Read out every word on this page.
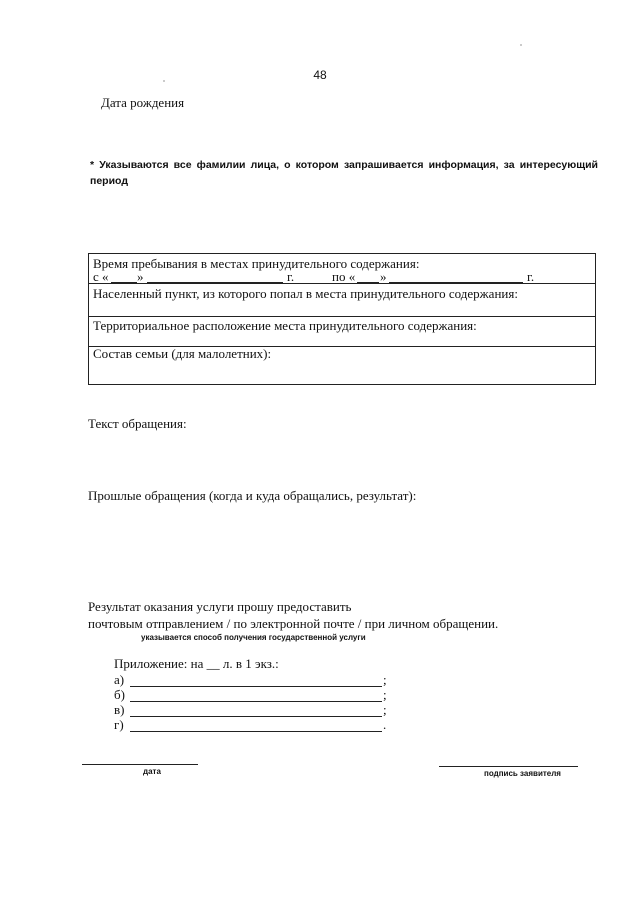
48
Дата рождения
* Указываются все фамилии лица, о котором запрашивается информация, за интересующий период
Время пребывания в местах принудительного содержания:
с « »	г.	по « »	г.
Населенный пункт, из которого попал в места принудительного содержания:
Территориальное расположение места принудительного содержания:
Состав семьи (для малолетних):
Текст обращения:
Прошлые обращения (когда и куда обращались, результат):
Результат оказания услуги прошу предоставить
почтовым отправлением / по электронной почте / при личном обращении.
указывается способ получения государственной услуги
Приложение: на __ л. в 1 экз.:
а)	;
б)	;
в)	;
г)	.
дата	подпись заявителя
